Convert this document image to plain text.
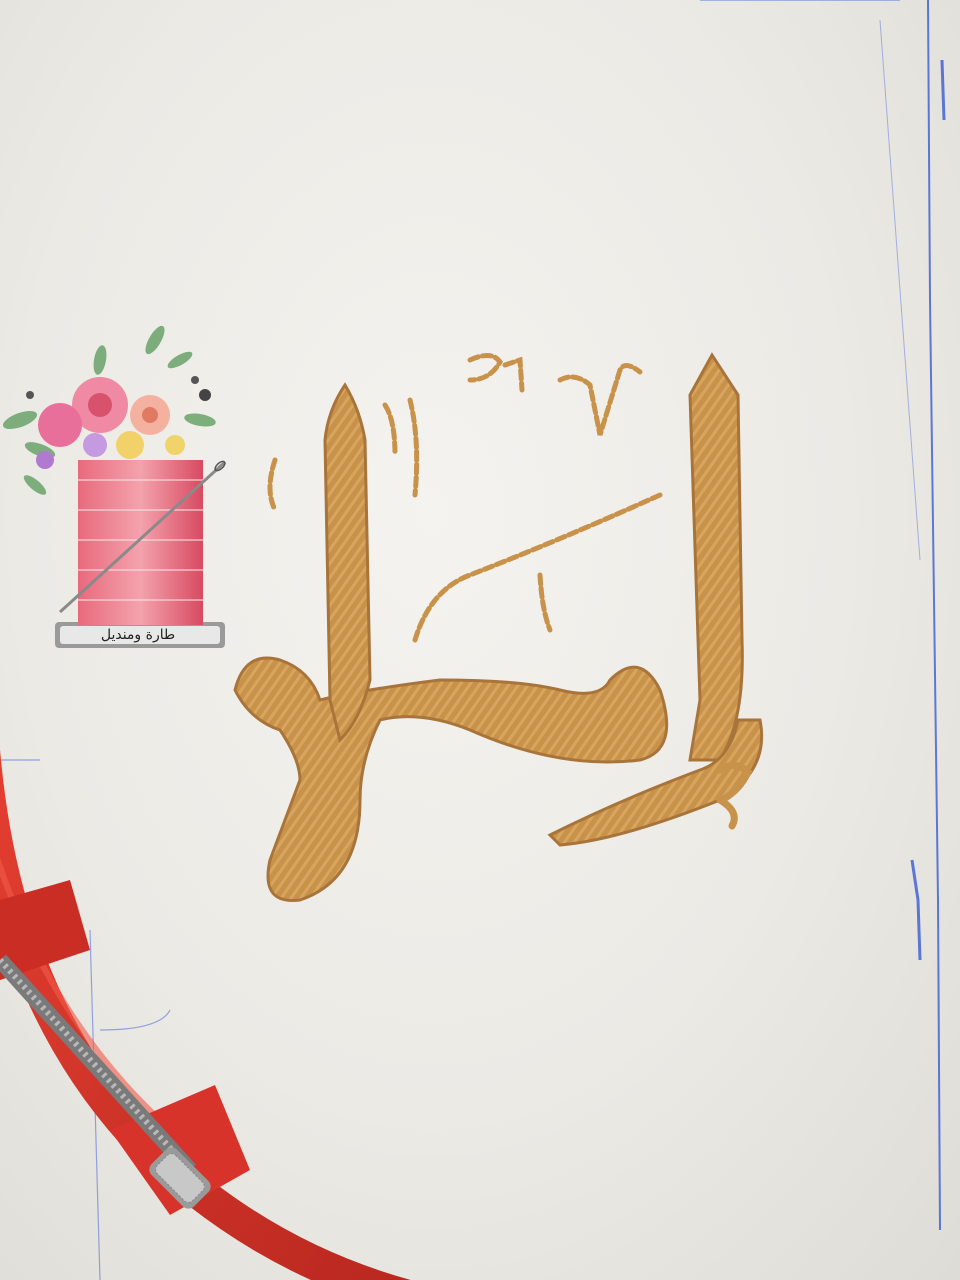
طارة ومنديل
